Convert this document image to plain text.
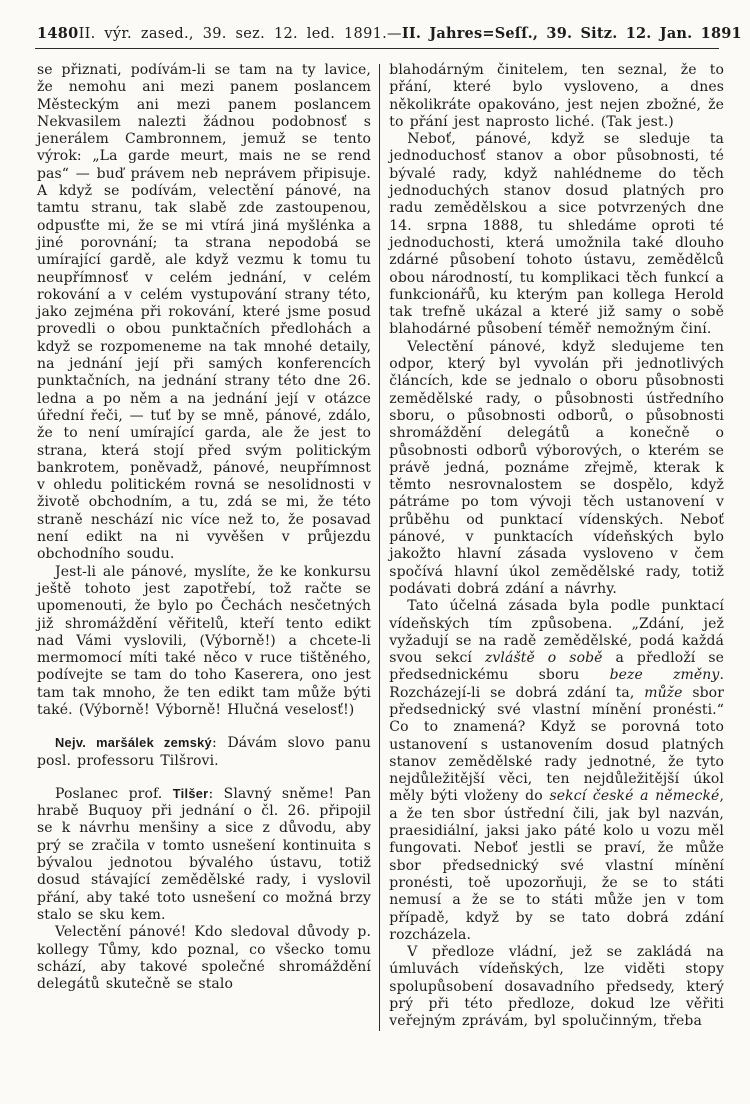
1480 II. výr. zased., 39. sez. 12. led. 1891. — II. Jahres=Seſſ., 39. Sitz. 12. Jan. 1891

se přiznati, podívám-li se tam na ty lavice, že nemohu ani mezi panem poslancem Městeckým ani mezi panem poslancem Nekvasilem nalezti žádnou podobnosť s jenerálem Cambronnem, jemuž se tento výrok: „La garde meurt, mais ne se rend pas“ — buď právem neb neprávem připisuje. A když se podívám, velectění pánové, na tamtu stranu, tak slabě zde zastoupenou, odpusťte mi, že se mi vtírá jiná myšlénka a jiné porovnání; ta strana nepodobá se umírající gardě, ale když vezmu k tomu tu neupřímnosť v celém jednání, v celém rokování a v celém vystupování strany této, jako zejména při rokování, které jsme posud provedli o obou punktačních předlohách a když se rozpomeneme na tak mnohé detaily, na jednání její při samých konferencích punktačních, na jednání strany této dne 26. ledna a po něm a na jednání její v otázce úřední řeči, — tuť by se mně, pánové, zdálo, že to není umírající garda, ale že jest to strana, která stojí před svým politickým bankrotem, poněvadž, pánové, neupřímnost v ohledu politickém rovná se nesolidnosti v životě obchodním, a tu, zdá se mi, že této straně neschází nic více než to, že posavad není edikt na ni vyvěšen v průjezdu obchodního soudu.

Jest-li ale pánové, myslíte, že ke konkursu ještě tohoto jest zapotřebí, tož račte se upomenouti, že bylo po Čechách nesčetných již shromáždění věřitelů, kteří tento edikt nad Vámi vyslovili, (Výborně!) a chcete-li mermomocí míti také něco v ruce tištěného, podívejte se tam do toho Kaserera, ono jest tam tak mnoho, že ten edikt tam může býti také. (Výborně! Výborně! Hlučná veselosť!)

Nejv. maršálek zemský: Dávám slovo panu posl. professoru Tilšrovi.

Poslanec prof. Tilšer: Slavný sněme! Pan hrabě Buquoy při jednání o čl. 26. připojil se k návrhu menšiny a sice z důvodu, aby prý se zračila v tomto usnešení kontinuita s bývalou jednotou bývalého ústavu, totiž dosud stávající zemědělské rady, i vyslovil přání, aby také toto usnešení co možná brzy stalo se sku kem.

Velectění pánové! Kdo sledoval důvody p. kollegy Tůmy, kdo poznal, co všecko tomu schází, aby takové společné shromáždění delegátů skutečně se stalo

blahodárným činitelem, ten seznal, že to přání, které bylo vysloveno, a dnes několikráte opakováno, jest nejen zbožné, že to přání jest naprosto liché. (Tak jest.)

Neboť, pánové, když se sleduje ta jednoduchosť stanov a obor působnosti, té bývalé rady, když nahlédneme do těch jednoduchých stanov dosud platných pro radu zemědělskou a sice potvrzených dne 14. srpna 1888, tu shledáme oproti té jednoduchosti, která umožnila také dlouho zdárné působení tohoto ústavu, zemědělců obou národností, tu komplikaci těch funkcí a funkcionářů, ku kterým pan kollega Herold tak trefně ukázal a které již samy o sobě blahodárné působení téměř nemožným činí.

Velectění pánové, když sledujeme ten odpor, který byl vyvolán při jednotlivých článcích, kde se jednalo o oboru působnosti zemědělské rady, o působnosti ústředního sboru, o působnosti odborů, o působnosti shromáždění delegátů a konečně o působnosti odborů výborových, o kterém se právě jedná, poznáme zřejmě, kterak k těmto nesrovnalostem se dospělo, když pátráme po tom vývoji těch ustanovení v průběhu od punktací vídenských. Neboť pánové, v punktacích vídeňských bylo jakožto hlavní zásada vysloveno v čem spočívá hlavní úkol zemědělské rady, totiž podávati dobrá zdání a návrhy.

Tato účelná zásada byla podle punktací vídeňských tím způsobena. „Zdání, jež vyžadují se na radě zemědělské, podá každá svou sekcí zvláště o sobě a předloží se předsednickému sboru beze změny. Rozcházejí-li se dobrá zdání ta, může sbor předsednický své vlastní mínění pronésti.“ Co to znamená? Když se porovná toto ustanovení s ustanovením dosud platných stanov zemědělské rady jednotné, že tyto nejdůležitější věci, ten nejdůležitější úkol měly býti vloženy do sekcí české a německé, a že ten sbor ústřední čili, jak byl nazván, praesidiální, jaksi jako páté kolo u vozu měl fungovati. Neboť jestli se praví, že může sbor předsednický své vlastní mínění pronésti, toě upozorňuji, že se to státi nemusí a že se to státi může jen v tom případě, když by se tato dobrá zdání rozcházela.

V předloze vládní, jež se zakládá na úmluvách vídeňských, lze viděti stopy spolupůsobení dosavadního předsedy, který prý při této předloze, dokud lze věřiti veřejným zprávám, byl spolučinným, třeba
